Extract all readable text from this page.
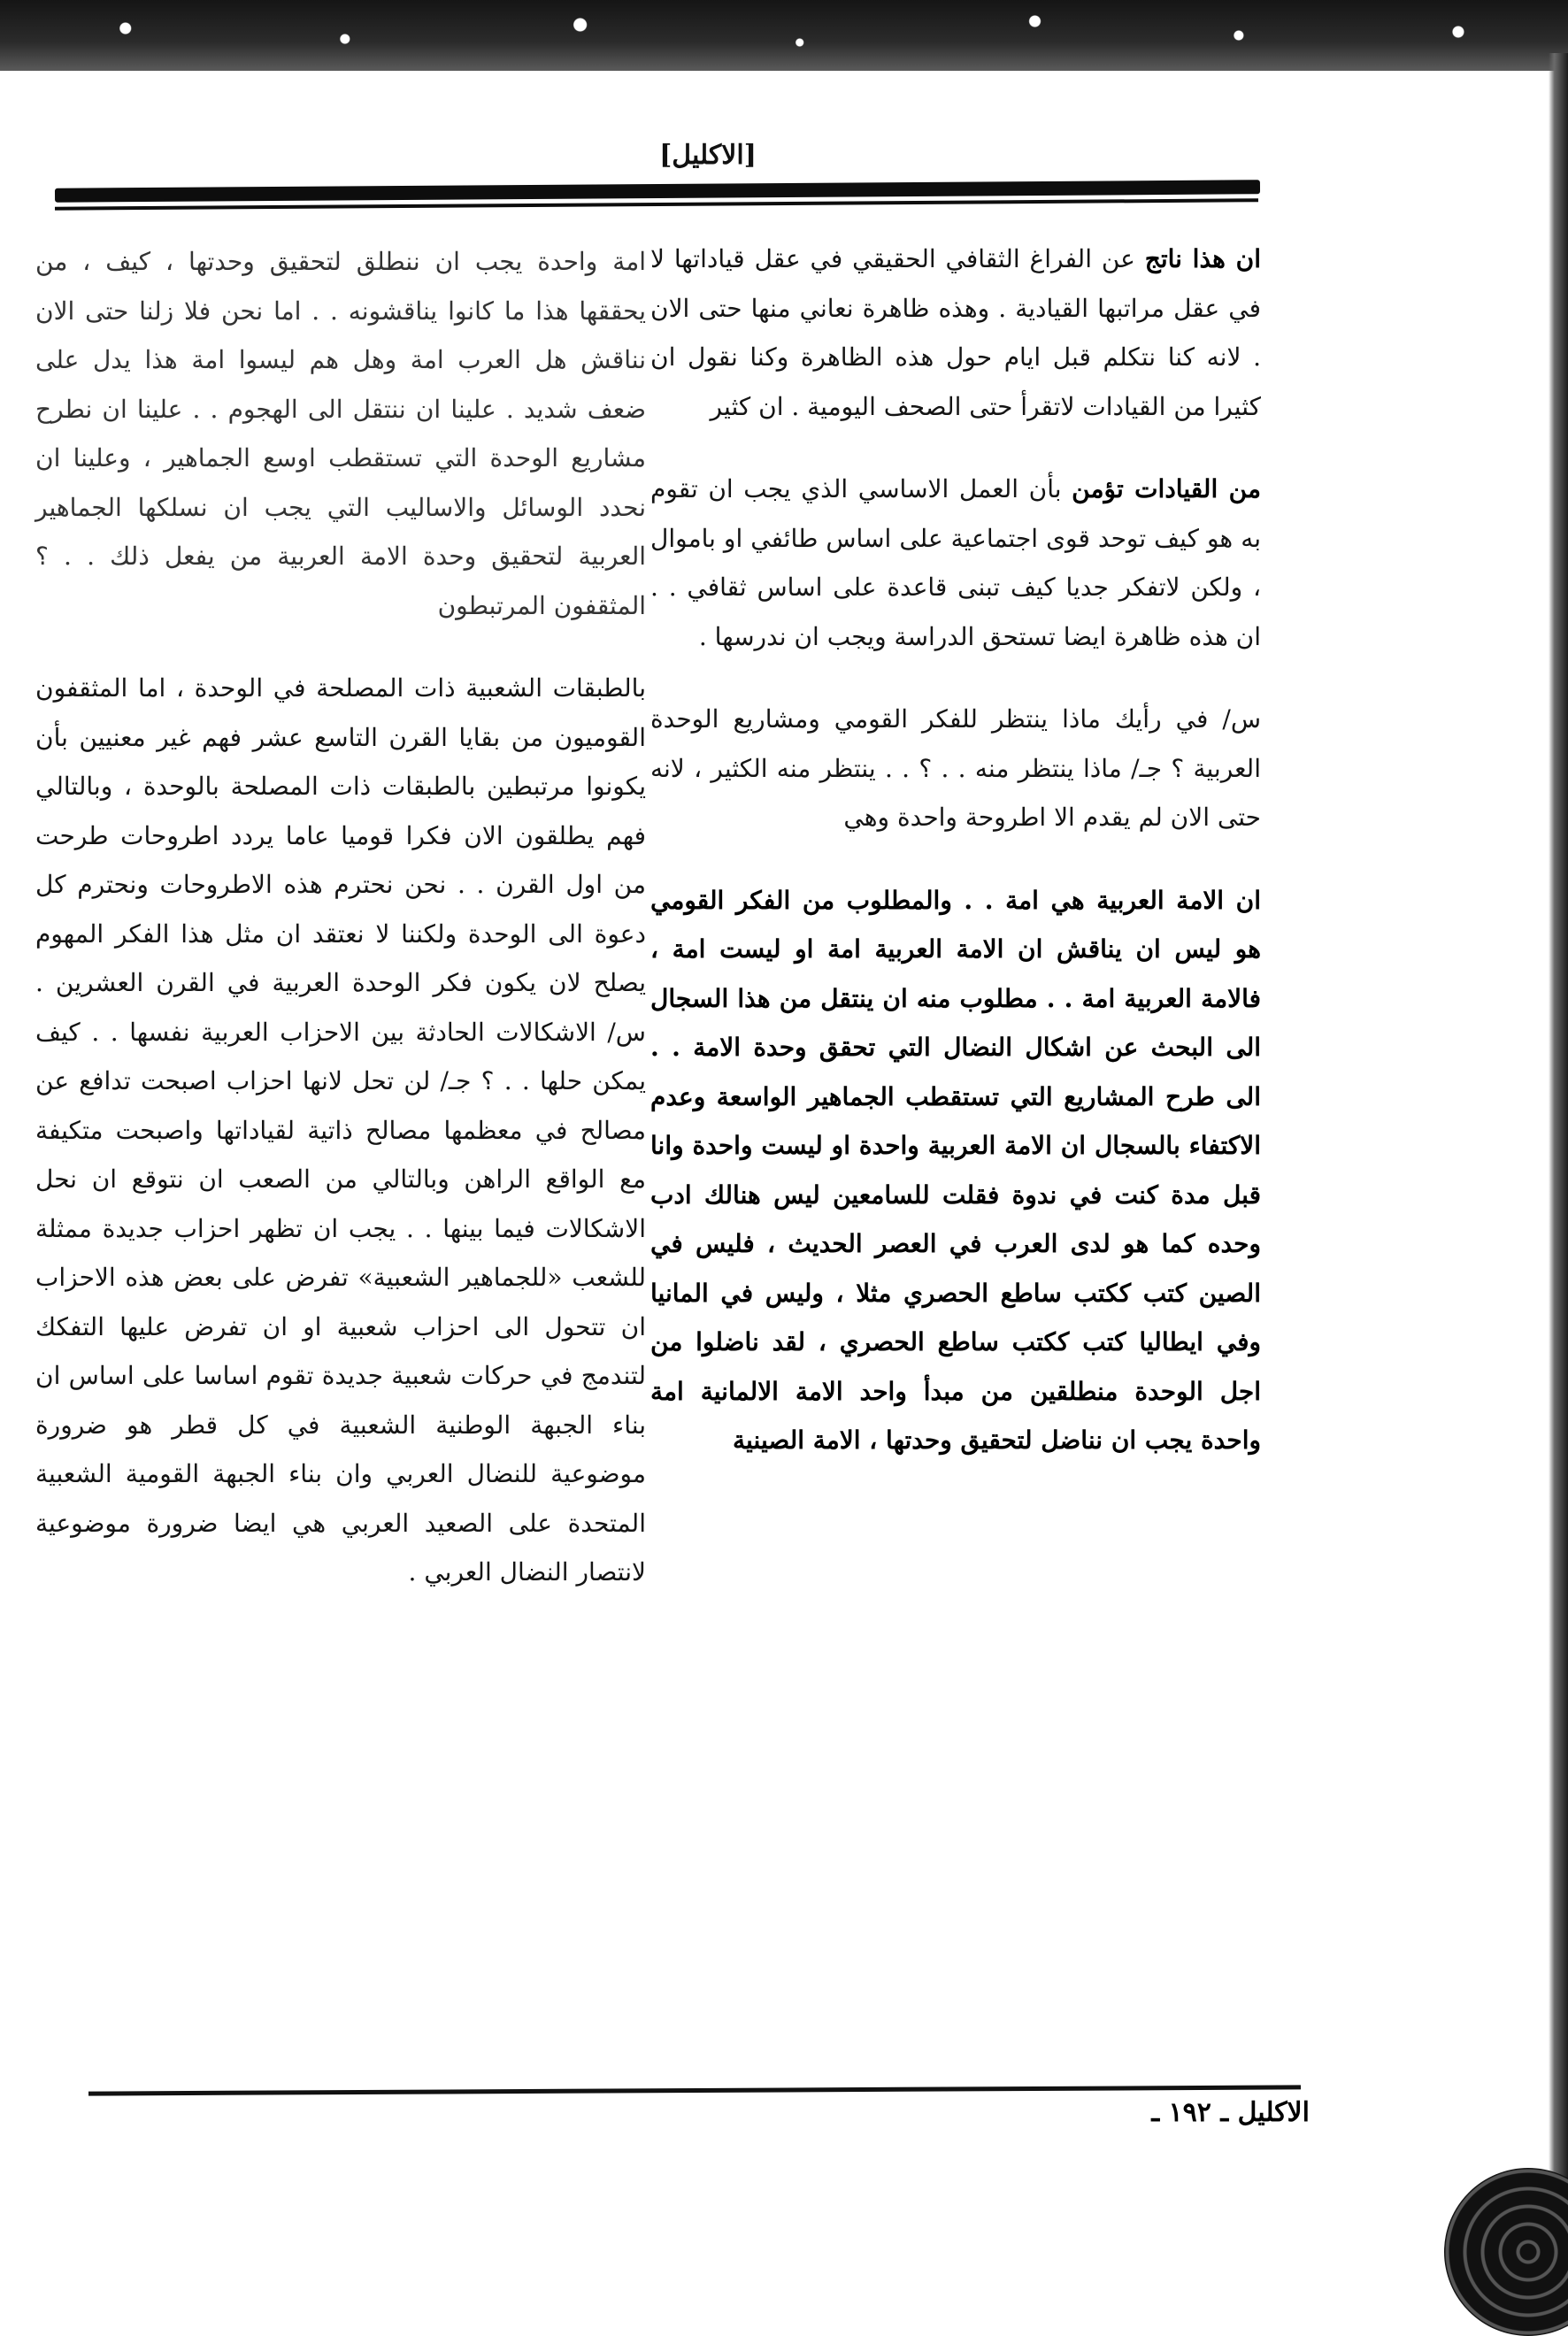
[الاكليل]

ان هذا ناتج عن الفراغ الثقافي الحقيقي في عقل قياداتها لا في عقل مراتبها القيادية . وهذه ظاهرة نعاني منها حتى الان . لانه كنا نتكلم قبل ايام حول هذه الظاهرة وكنا نقول ان كثيرا من القيادات لاتقرأ حتى الصحف اليومية . ان كثير

من القيادات تؤمن بأن العمل الاساسي الذي يجب ان تقوم به هو كيف توحد قوى اجتماعية على اساس طائفي او باموال ، ولكن لاتفكر جديا كيف تبنى قاعدة على اساس ثقافي . . ان هذه ظاهرة ايضا تستحق الدراسة ويجب ان ندرسها .

س/ في رأيك ماذا ينتظر للفكر القومي ومشاريع الوحدة العربية ؟ جـ/ ماذا ينتظر منه . . ؟ . . ينتظر منه الكثير ، لانه حتى الان لم يقدم الا اطروحة واحدة وهي

ان الامة العربية هي امة . . والمطلوب من الفكر القومي هو ليس ان يناقش ان الامة العربية امة او ليست امة ، فالامة العربية امة . . مطلوب منه ان ينتقل من هذا السجال الى البحث عن اشكال النضال التي تحقق وحدة الامة . . الى طرح المشاريع التي تستقطب الجماهير الواسعة وعدم الاكتفاء بالسجال ان الامة العربية واحدة او ليست واحدة وانا قبل مدة كنت في ندوة فقلت للسامعين ليس هنالك ادب وحده كما هو لدى العرب في العصر الحديث ، فليس في الصين كتب ككتب ساطع الحصري مثلا ، وليس في المانيا وفي ايطاليا كتب ككتب ساطع الحصري ، لقد ناضلوا من اجل الوحدة منطلقين من مبدأ واحد الامة الالمانية امة واحدة يجب ان نناضل لتحقيق وحدتها ، الامة الصينية

امة واحدة يجب ان ننطلق لتحقيق وحدتها ، كيف ، من يحققها هذا ما كانوا يناقشونه . . اما نحن فلا زلنا حتى الان نناقش هل العرب امة وهل هم ليسوا امة هذا يدل على ضعف شديد . علينا ان ننتقل الى الهجوم . . علينا ان نطرح مشاريع الوحدة التي تستقطب اوسع الجماهير ، وعلينا ان نحدد الوسائل والاساليب التي يجب ان نسلكها الجماهير العربية لتحقيق وحدة الامة العربية من يفعل ذلك . . ؟ المثقفون المرتبطون

بالطبقات الشعبية ذات المصلحة في الوحدة ، اما المثقفون القوميون من بقايا القرن التاسع عشر فهم غير معنيين بأن يكونوا مرتبطين بالطبقات ذات المصلحة بالوحدة ، وبالتالي فهم يطلقون الان فكرا قوميا عاما يردد اطروحات طرحت من اول القرن . . نحن نحترم هذه الاطروحات ونحترم كل دعوة الى الوحدة ولكننا لا نعتقد ان مثل هذا الفكر المهوم يصلح لان يكون فكر الوحدة العربية في القرن العشرين . س/ الاشكالات الحادثة بين الاحزاب العربية نفسها . . كيف يمكن حلها . . ؟ جـ/ لن تحل لانها احزاب اصبحت تدافع عن مصالح في معظمها مصالح ذاتية لقياداتها واصبحت متكيفة مع الواقع الراهن وبالتالي من الصعب ان نتوقع ان نحل الاشكالات فيما بينها . . يجب ان تظهر احزاب جديدة ممثلة للشعب «للجماهير الشعبية» تفرض على بعض هذه الاحزاب ان تتحول الى احزاب شعبية او ان تفرض عليها التفكك لتندمج في حركات شعبية جديدة تقوم اساسا على اساس ان بناء الجبهة الوطنية الشعبية في كل قطر هو ضرورة موضوعية للنضال العربي وان بناء الجبهة القومية الشعبية المتحدة على الصعيد العربي هي ايضا ضرورة موضوعية لانتصار النضال العربي .

الاكليل ـ ١٩٢ ـ
